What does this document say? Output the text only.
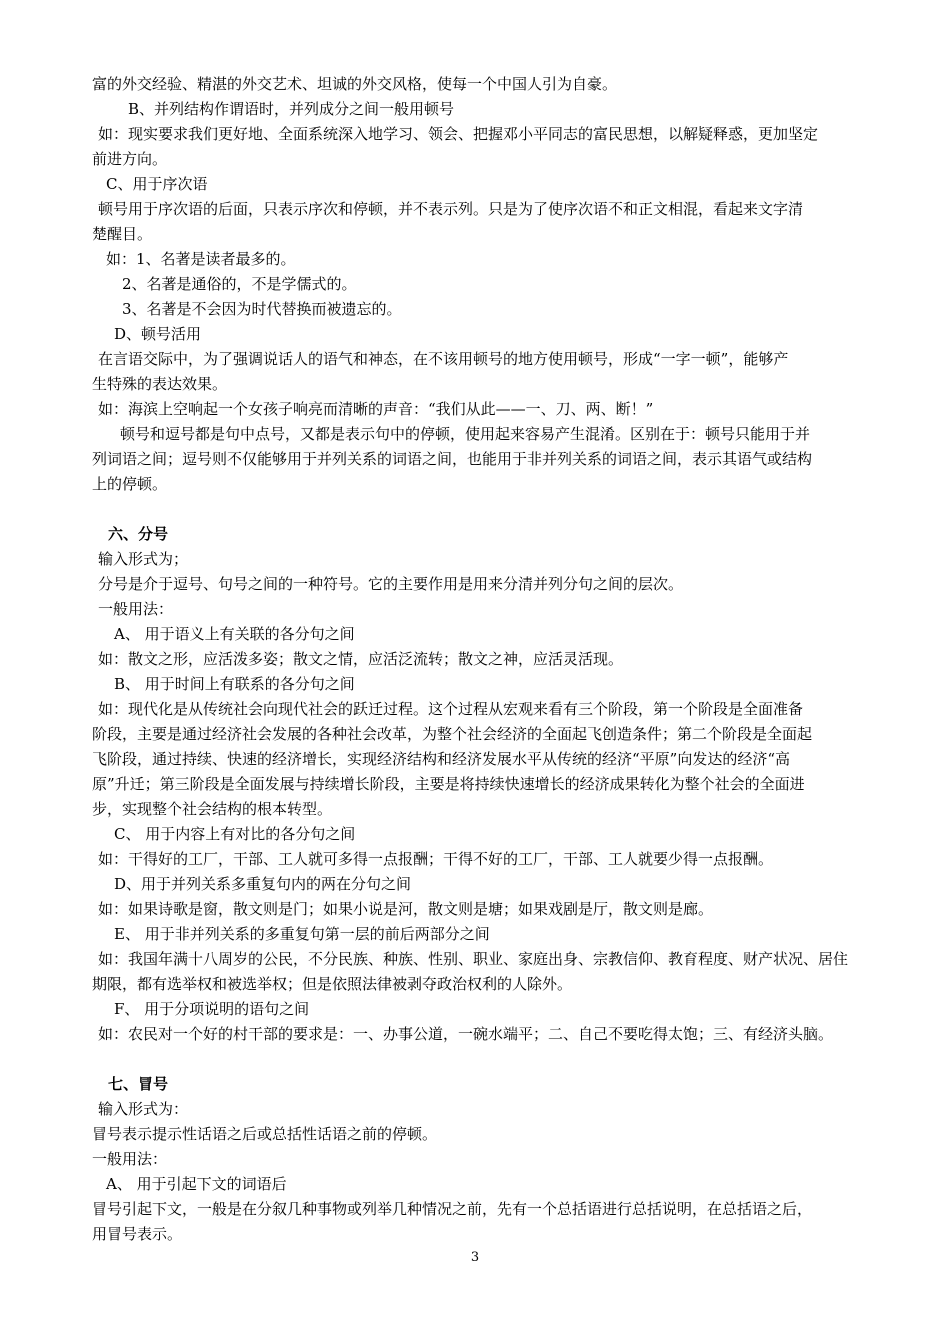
富的外交经验、精湛的外交艺术、坦诚的外交风格，使每一个中国人引为自豪。
B、并列结构作谓语时，并列成分之间一般用顿号
如：现实要求我们更好地、全面系统深入地学习、领会、把握邓小平同志的富民思想，以解疑释惑，更加坚定
前进方向。
C、用于序次语
顿号用于序次语的后面，只表示序次和停顿，并不表示列。只是为了使序次语不和正文相混，看起来文字清
楚醒目。
如：1、名著是读者最多的。
2、名著是通俗的，不是学儒式的。
3、名著是不会因为时代替换而被遗忘的。
D、顿号活用
在言语交际中，为了强调说话人的语气和神态，在不该用顿号的地方使用顿号，形成“一字一顿”，能够产
生特殊的表达效果。
如：海滨上空响起一个女孩子响亮而清晰的声音：“我们从此——一、刀、两、断！”
顿号和逗号都是句中点号，又都是表示句中的停顿，使用起来容易产生混淆。区别在于：顿号只能用于并
列词语之间；逗号则不仅能够用于并列关系的词语之间，也能用于非并列关系的词语之间，表示其语气或结构
上的停顿。
六、分号
输入形式为；
分号是介于逗号、句号之间的一种符号。它的主要作用是用来分清并列分句之间的层次。
一般用法：
A、 用于语义上有关联的各分句之间
如：散文之形，应活泼多姿；散文之情，应活泛流转；散文之神，应活灵活现。
B、 用于时间上有联系的各分句之间
如：现代化是从传统社会向现代社会的跃迁过程。这个过程从宏观来看有三个阶段，第一个阶段是全面准备
阶段，主要是通过经济社会发展的各种社会改革，为整个社会经济的全面起飞创造条件；第二个阶段是全面起
飞阶段，通过持续、快速的经济增长，实现经济结构和经济发展水平从传统的经济“平原”向发达的经济“高
原”升迁；第三阶段是全面发展与持续增长阶段，主要是将持续快速增长的经济成果转化为整个社会的全面进
步，实现整个社会结构的根本转型。
C、 用于内容上有对比的各分句之间
如：干得好的工厂，干部、工人就可多得一点报酬；干得不好的工厂，干部、工人就要少得一点报酬。
D、用于并列关系多重复句内的两在分句之间
如：如果诗歌是窗，散文则是门；如果小说是河，散文则是塘；如果戏剧是厅，散文则是廊。
E、 用于非并列关系的多重复句第一层的前后两部分之间
如：我国年满十八周岁的公民，不分民族、种族、性别、职业、家庭出身、宗教信仰、教育程度、财产状况、居住
期限，都有选举权和被选举权；但是依照法律被剥夺政治权利的人除外。
F、 用于分项说明的语句之间
如：农民对一个好的村干部的要求是：一、办事公道，一碗水端平；二、自己不要吃得太饱；三、有经济头脑。
七、冒号
输入形式为：
冒号表示提示性话语之后或总括性话语之前的停顿。
一般用法：
A、 用于引起下文的词语后
冒号引起下文，一般是在分叙几种事物或列举几种情况之前，先有一个总括语进行总括说明，在总括语之后，
用冒号表示。
3
